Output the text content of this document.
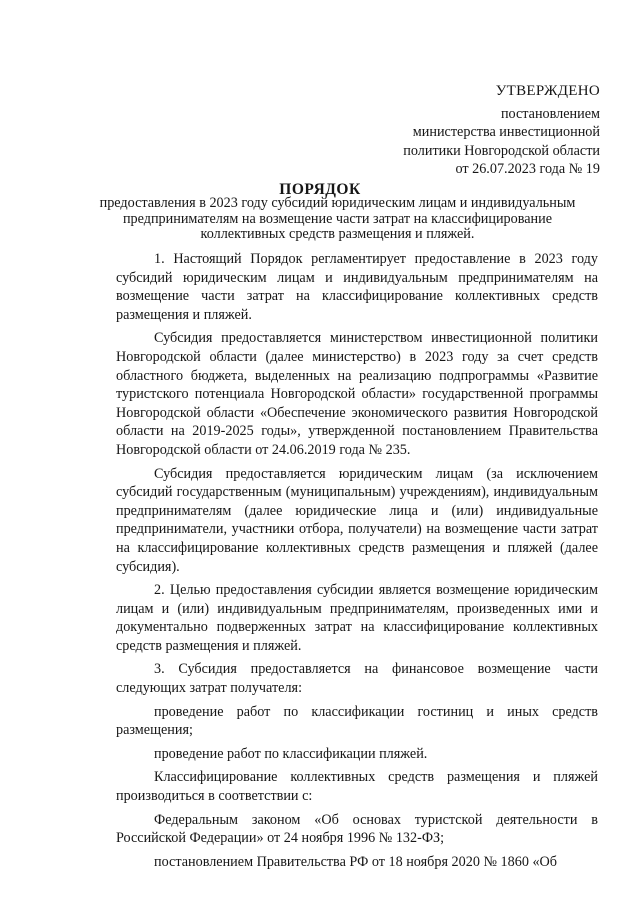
УТВЕРЖДЕНО
постановлением
министерства инвестиционной
политики Новгородской области
от 26.07.2023 года № 19
ПОРЯДОК
предоставления в 2023 году субсидий юридическим лицам и индивидуальным предпринимателям на возмещение части затрат на классифицирование коллективных средств размещения и пляжей.

1. Настоящий Порядок регламентирует предоставление в 2023 году субсидий юридическим лицам и индивидуальным предпринимателям на возмещение части затрат на классифицирование коллективных средств размещения и пляжей.

Субсидия предоставляется министерством инвестиционной политики Новгородской области (далее министерство) в 2023 году за счет средств областного бюджета, выделенных на реализацию подпрограммы «Развитие туристского потенциала Новгородской области» государственной программы Новгородской области «Обеспечение экономического развития Новгородской области на 2019-2025 годы», утвержденной постановлением Правительства Новгородской области от 24.06.2019 года № 235.

Субсидия предоставляется юридическим лицам (за исключением субсидий государственным (муниципальным) учреждениям), индивидуальным предпринимателям (далее юридические лица и (или) индивидуальные предприниматели, участники отбора, получатели) на возмещение части затрат на классифицирование коллективных средств размещения и пляжей (далее субсидия).

2. Целью предоставления субсидии является возмещение юридическим лицам и (или) индивидуальным предпринимателям, произведенных ими и документально подверженных затрат на классифицирование коллективных средств размещения и пляжей.

3. Субсидия предоставляется на финансовое возмещение части следующих затрат получателя:

проведение работ по классификации гостиниц и иных средств размещения;

проведение работ по классификации пляжей.

Классифицирование коллективных средств размещения и пляжей производиться в соответствии с:

Федеральным законом «Об основах туристской деятельности в Российской Федерации» от 24 ноября 1996 № 132-ФЗ;

постановлением Правительства РФ от 18 ноября 2020 № 1860 «Об
